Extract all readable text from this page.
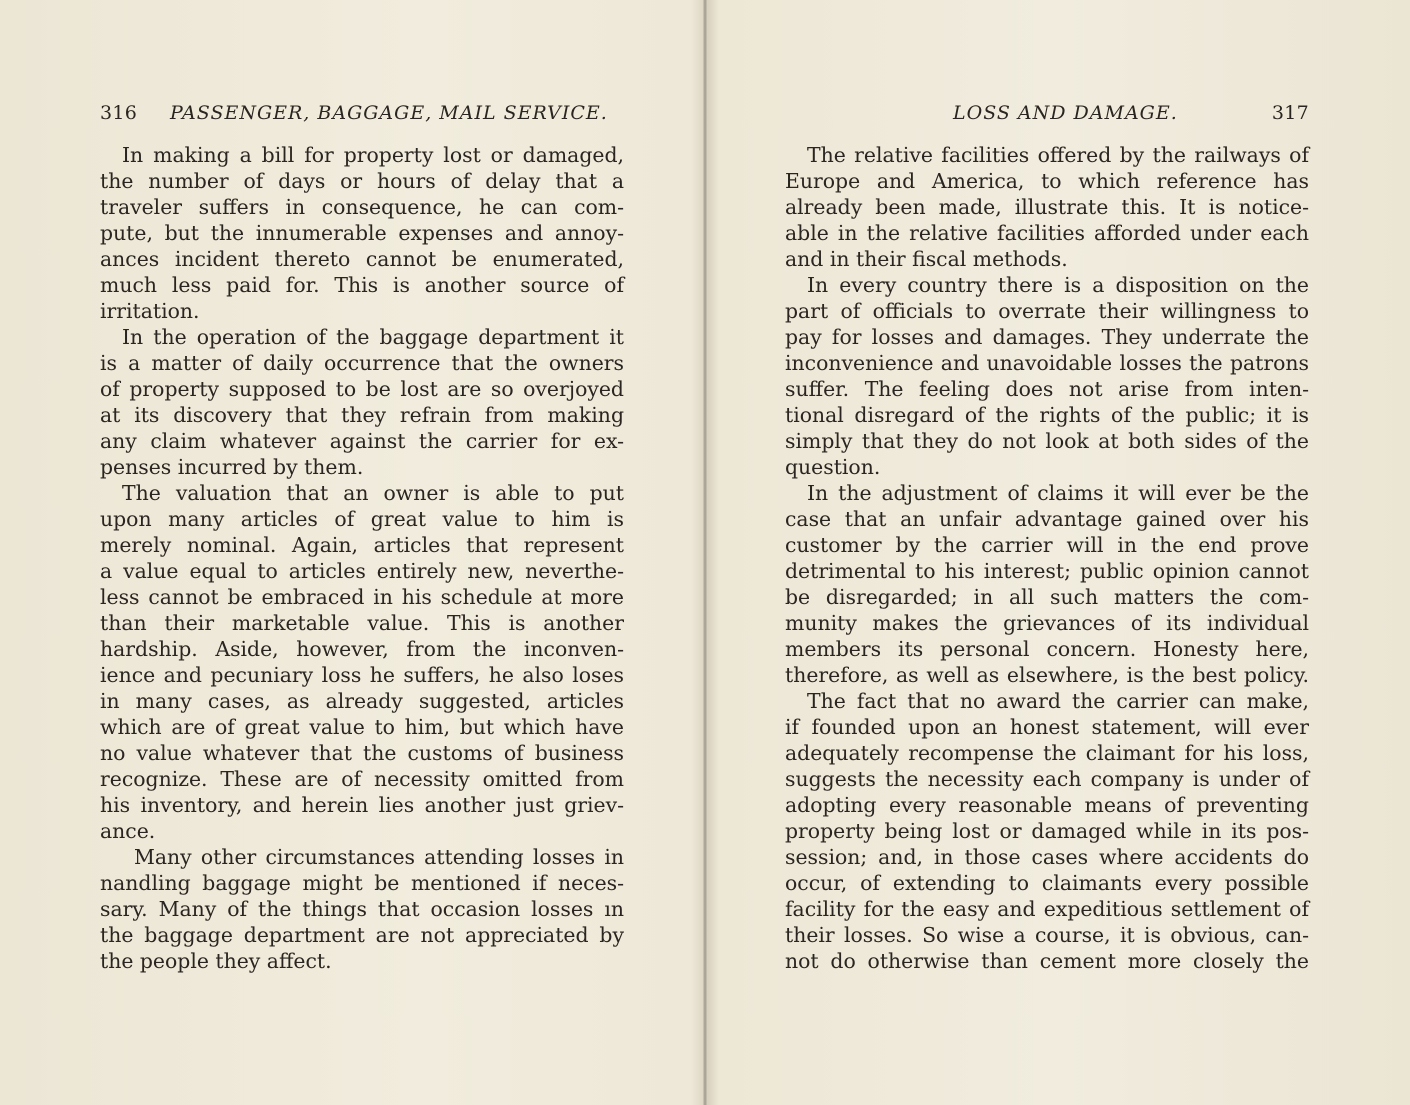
316 PASSENGER, BAGGAGE, MAIL SERVICE.
In making a bill for property lost or damaged,
the number of days or hours of delay that a
traveler suffers in consequence, he can com-
pute, but the innumerable expenses and annoy-
ances incident thereto cannot be enumerated,
much less paid for. This is another source of
irritation.
In the operation of the baggage department it
is a matter of daily occurrence that the owners
of property supposed to be lost are so overjoyed
at its discovery that they refrain from making
any claim whatever against the carrier for ex-
penses incurred by them.
The valuation that an owner is able to put
upon many articles of great value to him is
merely nominal. Again, articles that represent
a value equal to articles entirely new, neverthe-
less cannot be embraced in his schedule at more
than their marketable value. This is another
hardship. Aside, however, from the inconven-
ience and pecuniary loss he suffers, he also loses
in many cases, as already suggested, articles
which are of great value to him, but which have
no value whatever that the customs of business
recognize. These are of necessity omitted from
his inventory, and herein lies another just griev-
ance.
Many other circumstances attending losses in
nandling baggage might be mentioned if neces-
sary. Many of the things that occasion losses ın
the baggage department are not appreciated by
the people they affect.
LOSS AND DAMAGE.	317
The relative facilities offered by the railways of
Europe and America, to which reference has
already been made, illustrate this. It is notice-
able in the relative facilities afforded under each
and in their fiscal methods.
In every country there is a disposition on the
part of officials to overrate their willingness to
pay for losses and damages. They underrate the
inconvenience and unavoidable losses the patrons
suffer. The feeling does not arise from inten-
tional disregard of the rights of the public; it is
simply that they do not look at both sides of the
question.
In the adjustment of claims it will ever be the
case that an unfair advantage gained over his
customer by the carrier will in the end prove
detrimental to his interest; public opinion cannot
be disregarded; in all such matters the com-
munity makes the grievances of its individual
members its personal concern. Honesty here,
therefore, as well as elsewhere, is the best policy.
The fact that no award the carrier can make,
if founded upon an honest statement, will ever
adequately recompense the claimant for his loss,
suggests the necessity each company is under of
adopting every reasonable means of preventing
property being lost or damaged while in its pos-
session; and, in those cases where accidents do
occur, of extending to claimants every possible
facility for the easy and expeditious settlement of
their losses. So wise a course, it is obvious, can-
not do otherwise than cement more closely the
